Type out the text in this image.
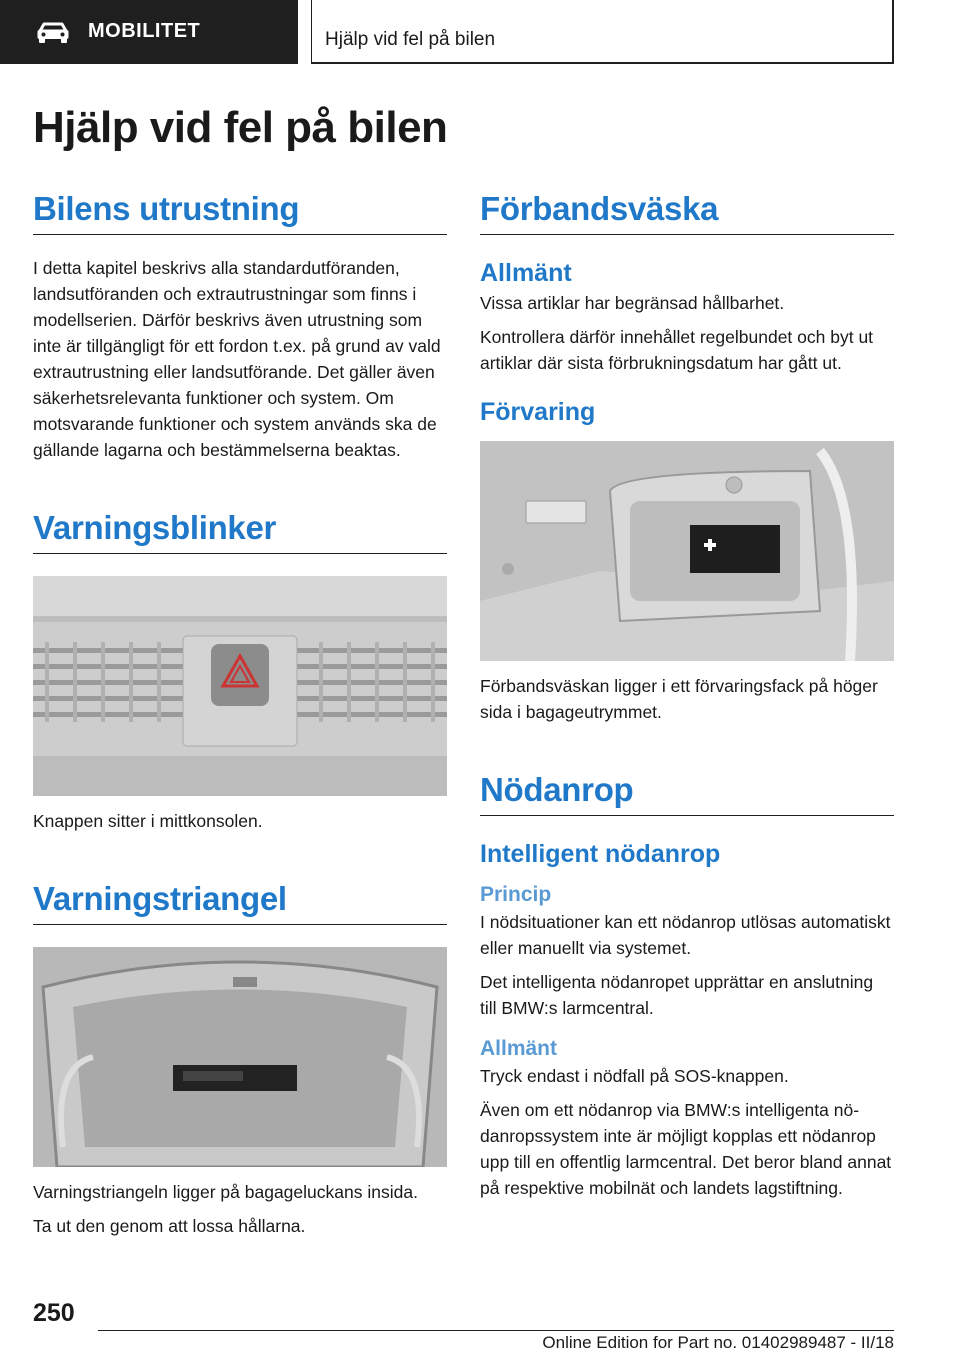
MOBILITET	Hjälp vid fel på bilen
Hjälp vid fel på bilen
Bilens utrustning

I detta kapitel beskrivs alla standardutföranden, landsutföranden och extrautrustningar som finns i modellserien. Därför beskrivs även utrustning som inte är tillgängligt för ett fordon t.ex. på grund av vald extrautrustning eller landsutförande. Det gäller även säkerhetsrelevanta funktioner och system. Om motsvarande funktioner och system används ska de gällande lagarna och bestämmelserna beaktas.

Varningsblinker

Knappen sitter i mittkonsolen.

Varningstriangel

Varningstriangeln ligger på bagageluckans insida.

Ta ut den genom att lossa hållarna.

Förbandsväska
Allmänt

Vissa artiklar har begränsad hållbarhet.

Kontrollera därför innehållet regelbundet och byt ut artiklar där sista förbrukningsdatum har gått ut.

Förvaring

Förbandsväskan ligger i ett förvaringsfack på höger sida i bagageutrymmet.

Nödanrop
Intelligent nödanrop
Princip

I nödsituationer kan ett nödanrop utlösas automatiskt eller manuellt via systemet.

Det intelligenta nödanropet upprättar en anslutning till BMW:s larmcentral.

Allmänt

Tryck endast i nödfall på SOS-knappen.

Även om ett nödanrop via BMW:s intelligenta nödanropssystem inte är möjligt kopplas ett nödanrop upp till en offentlig larmcentral. Det beror bland annat på respektive mobilnät och landets lagstiftning.

250
Online Edition for Part no. 01402989487 - II/18
